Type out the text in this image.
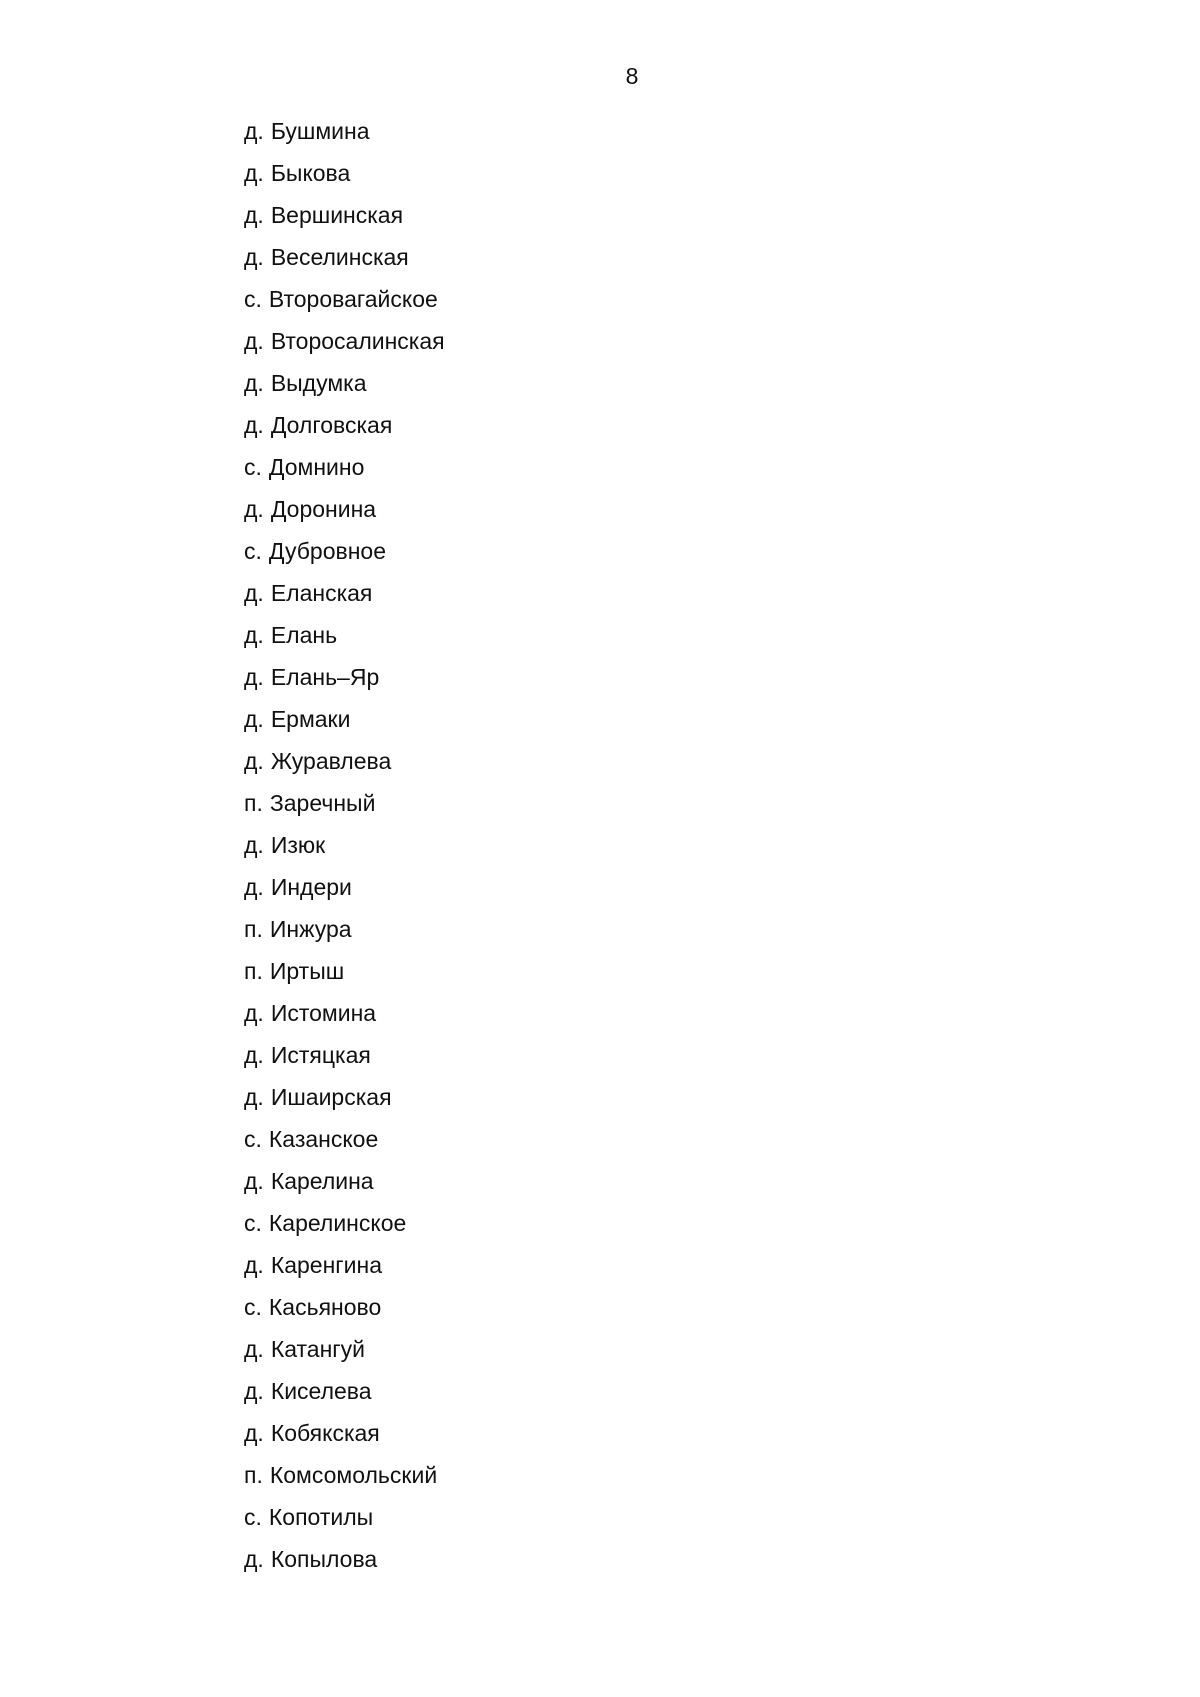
8
д. Бушмина
д. Быкова
д. Вершинская
д. Веселинская
с. Второвагайское
д. Второсалинская
д. Выдумка
д. Долговская
с. Домнино
д. Доронина
с. Дубровное
д. Еланская
д. Елань
д. Елань–Яр
д. Ермаки
д. Журавлева
п. Заречный
д. Изюк
д. Индери
п. Инжура
п. Иртыш
д. Истомина
д. Истяцкая
д. Ишаирская
с. Казанское
д. Карелина
с. Карелинское
д. Каренгина
с. Касьяново
д. Катангуй
д. Киселева
д. Кобякская
п. Комсомольский
с. Копотилы
д. Копылова
